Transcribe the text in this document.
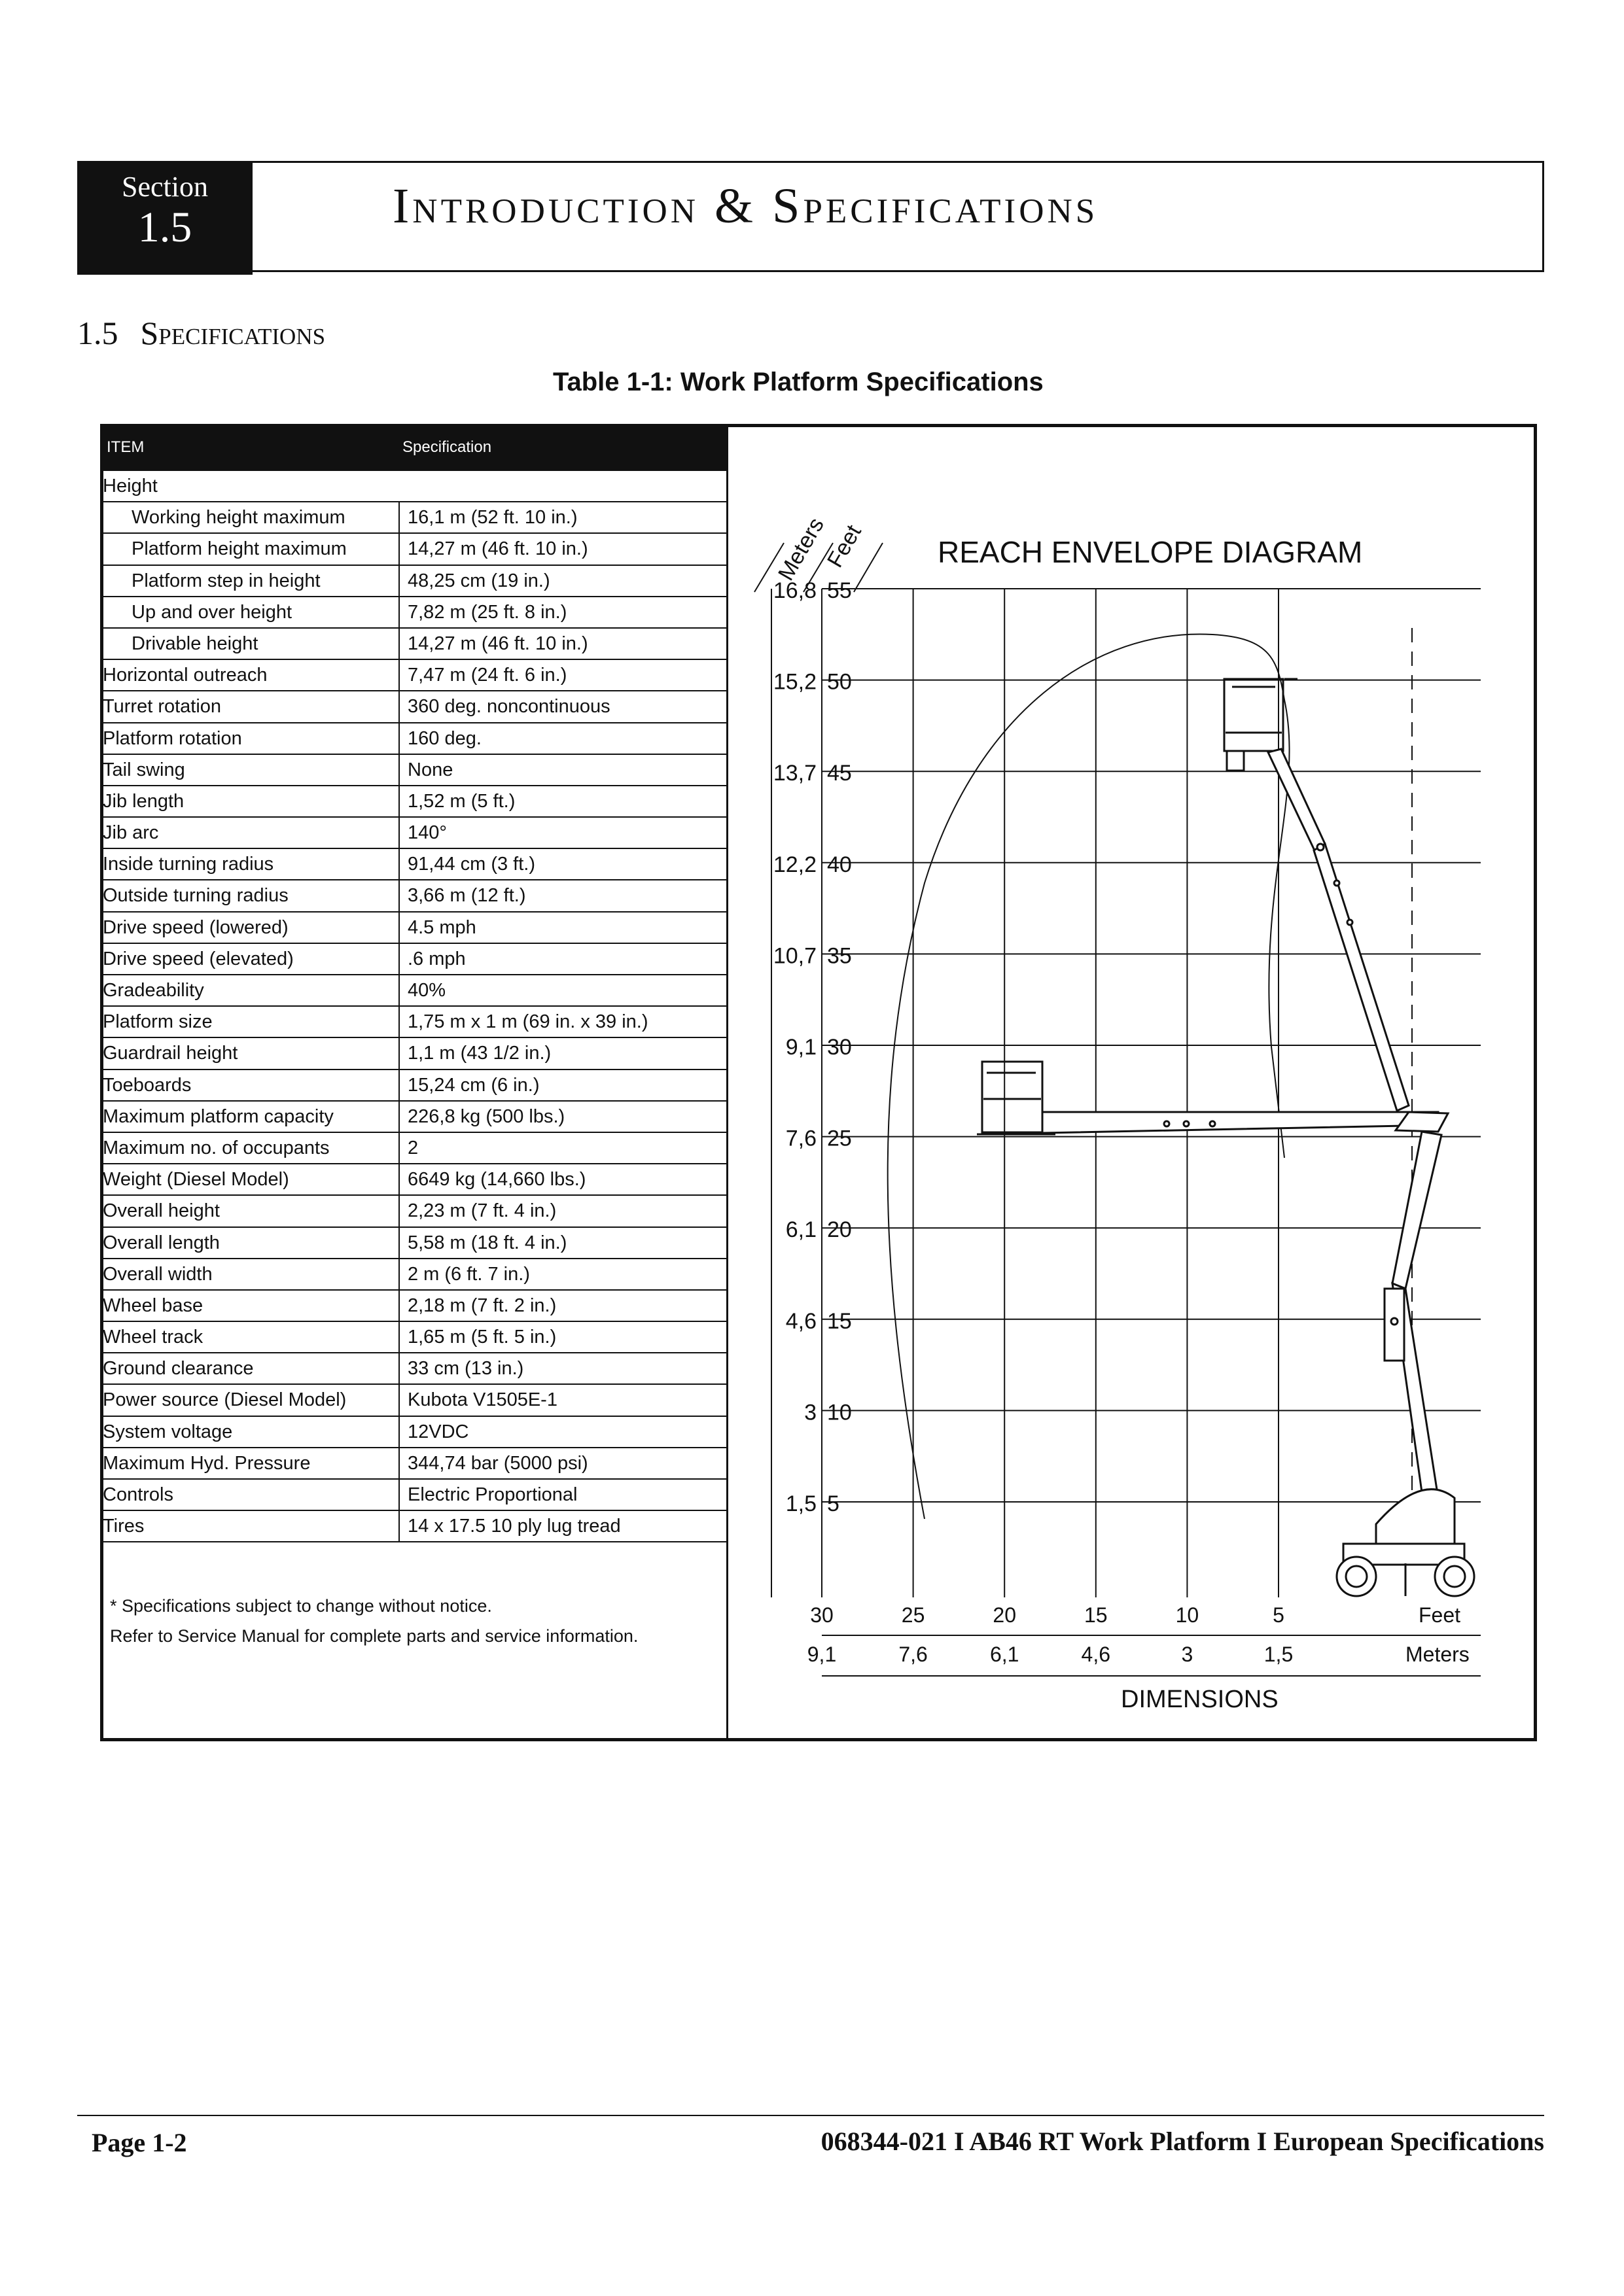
Section
1.5	Introduction & Specifications
1.5 Specifications
Table 1-1: Work Platform Specifications
ITEM	Specification
Height
Working height maximum	16,1 m (52 ft. 10 in.)
Platform height maximum	14,27 m (46 ft. 10 in.)
Platform step in height	48,25 cm (19 in.)
Up and over height	7,82 m (25 ft. 8 in.)
Drivable height	14,27 m (46 ft. 10 in.)
Horizontal outreach	7,47 m (24 ft. 6 in.)
Turret rotation	360 deg. noncontinuous
Platform rotation	160 deg.
Tail swing	None
Jib length	1,52 m (5 ft.)
Jib arc	140°
Inside turning radius	91,44 cm (3 ft.)
Outside turning radius	3,66 m (12 ft.)
Drive speed (lowered)	4.5 mph
Drive speed (elevated)	.6 mph
Gradeability	40%
Platform size	1,75 m x 1 m (69 in. x 39 in.)
Guardrail height	1,1 m (43 1/2 in.)
Toeboards	15,24 cm (6 in.)
Maximum platform capacity	226,8 kg (500 lbs.)
Maximum no. of occupants	2
Weight (Diesel Model)	6649 kg (14,660 lbs.)
Overall height	2,23 m (7 ft. 4 in.)
Overall length	5,58 m (18 ft. 4 in.)
Overall width	2 m (6 ft. 7 in.)
Wheel base	2,18 m (7 ft. 2 in.)
Wheel track	1,65 m (5 ft. 5 in.)
Ground clearance	33 cm (13 in.)
Power source (Diesel Model)	Kubota V1505E-1
System voltage	12VDC
Maximum Hyd. Pressure	344,74 bar (5000 psi)
Controls	Electric Proportional
Tires	14 x 17.5 10 ply lug tread
* Specifications subject to change without notice.
Refer to Service Manual for complete parts and service information.
Meters
Feet REACH ENVELOPE DIAGRAM
55
16,8
50
15,2
45
13,7
40
12,2
35
10,7
30
9,1
25
7,6
20
6,1
15
4,6
10
3
5
1,5
30
9,1
25
7,6
20
6,1
15
4,6
10
3
5
1,5
Feet
Meters
DIMENSIONS
Page 1-2	068344-021 I AB46 RT Work Platform I European Specifications
